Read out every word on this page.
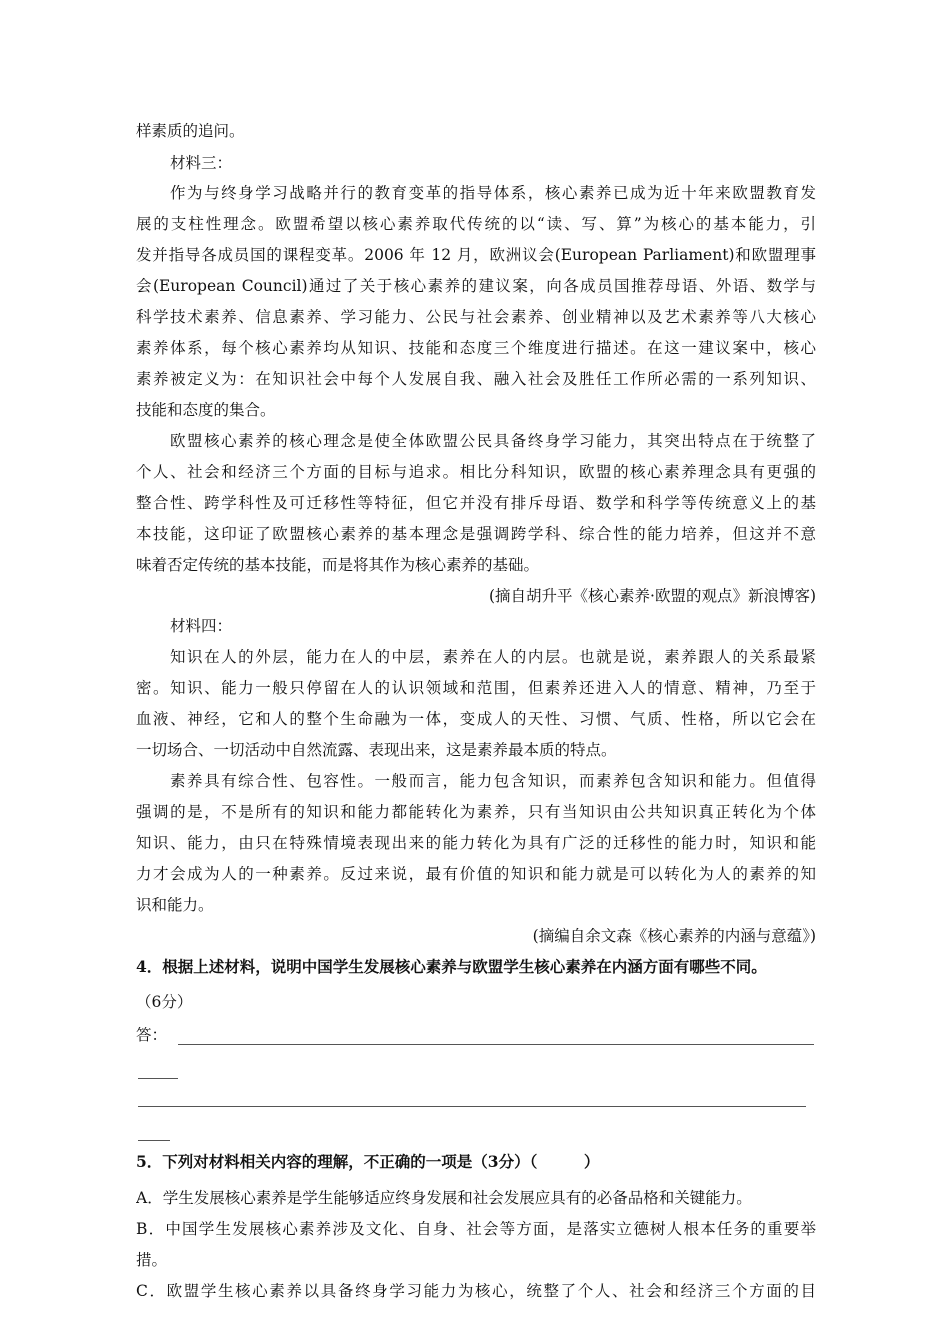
样素质的追问。
材料三：
作为与终身学习战略并行的教育变革的指导体系，核心素养已成为近十年来欧盟教育发
展的支柱性理念。欧盟希望以核心素养取代传统的以“读、写、算”为核心的基本能力，引
发并指导各成员国的课程变革。2006 年 12 月，欧洲议会(European Parliament)和欧盟理事
会(European Council)通过了关于核心素养的建议案，向各成员国推荐母语、外语、数学与
科学技术素养、信息素养、学习能力、公民与社会素养、创业精神以及艺术素养等八大核心
素养体系，每个核心素养均从知识、技能和态度三个维度进行描述。在这一建议案中，核心
素养被定义为：在知识社会中每个人发展自我、融入社会及胜任工作所必需的一系列知识、
技能和态度的集合。
欧盟核心素养的核心理念是使全体欧盟公民具备终身学习能力，其突出特点在于统整了
个人、社会和经济三个方面的目标与追求。相比分科知识，欧盟的核心素养理念具有更强的
整合性、跨学科性及可迁移性等特征，但它并没有排斥母语、数学和科学等传统意义上的基
本技能，这印证了欧盟核心素养的基本理念是强调跨学科、综合性的能力培养，但这并不意
味着否定传统的基本技能，而是将其作为核心素养的基础。
(摘自胡升平《核心素养·欧盟的观点》新浪博客)
材料四：
知识在人的外层，能力在人的中层，素养在人的内层。也就是说，素养跟人的关系最紧
密。知识、能力一般只停留在人的认识领域和范围，但素养还进入人的情意、精神，乃至于
血液、神经，它和人的整个生命融为一体，变成人的天性、习惯、气质、性格，所以它会在
一切场合、一切活动中自然流露、表现出来，这是素养最本质的特点。
素养具有综合性、包容性。一般而言，能力包含知识，而素养包含知识和能力。但值得
强调的是，不是所有的知识和能力都能转化为素养，只有当知识由公共知识真正转化为个体
知识、能力，由只在特殊情境表现出来的能力转化为具有广泛的迁移性的能力时，知识和能
力才会成为人的一种素养。反过来说，最有价值的知识和能力就是可以转化为人的素养的知
识和能力。
(摘编自余文森《核心素养的内涵与意蕴》)
4．根据上述材料，说明中国学生发展核心素养与欧盟学生核心素养在内涵方面有哪些不同。
（6分）
答：
5．下列对材料相关内容的理解，不正确的一项是（3分）（　　　）
A．学生发展核心素养是学生能够适应终身发展和社会发展应具有的必备品格和关键能力。
B．中国学生发展核心素养涉及文化、自身、社会等方面，是落实立德树人根本任务的重要举
措。
C．欧盟学生核心素养以具备终身学习能力为核心，统整了个人、社会和经济三个方面的目
